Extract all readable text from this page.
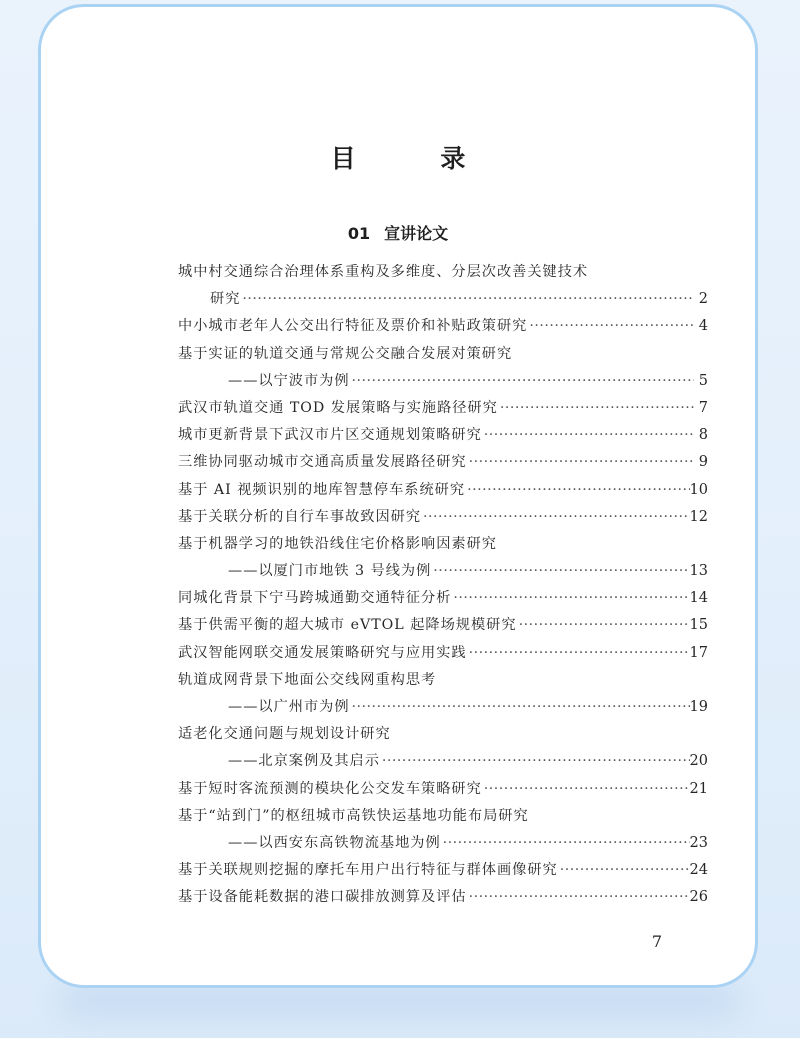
目 录
01 宣讲论文
城中村交通综合治理体系重构及多维度、分层次改善关键技术
研究 ·····	2
中小城市老年人公交出行特征及票价和补贴政策研究 ·····	4
基于实证的轨道交通与常规公交融合发展对策研究
——以宁波市为例 ·····	5
武汉市轨道交通 TOD 发展策略与实施路径研究 ·····	7
城市更新背景下武汉市片区交通规划策略研究 ·····	8
三维协同驱动城市交通高质量发展路径研究 ·····	9
基于 AI 视频识别的地库智慧停车系统研究 ·····	10
基于关联分析的自行车事故致因研究 ·····	12
基于机器学习的地铁沿线住宅价格影响因素研究
——以厦门市地铁 3 号线为例 ·····	13
同城化背景下宁马跨城通勤交通特征分析 ·····	14
基于供需平衡的超大城市 eVTOL 起降场规模研究 ·····	15
武汉智能网联交通发展策略研究与应用实践 ·····	17
轨道成网背景下地面公交线网重构思考
——以广州市为例 ·····	19
适老化交通问题与规划设计研究
——北京案例及其启示 ·····	20
基于短时客流预测的模块化公交发车策略研究 ·····	21
基于“站到门”的枢纽城市高铁快运基地功能布局研究
——以西安东高铁物流基地为例 ·····	23
基于关联规则挖掘的摩托车用户出行特征与群体画像研究 ·····	24
基于设备能耗数据的港口碳排放测算及评估 ·····	26
7
